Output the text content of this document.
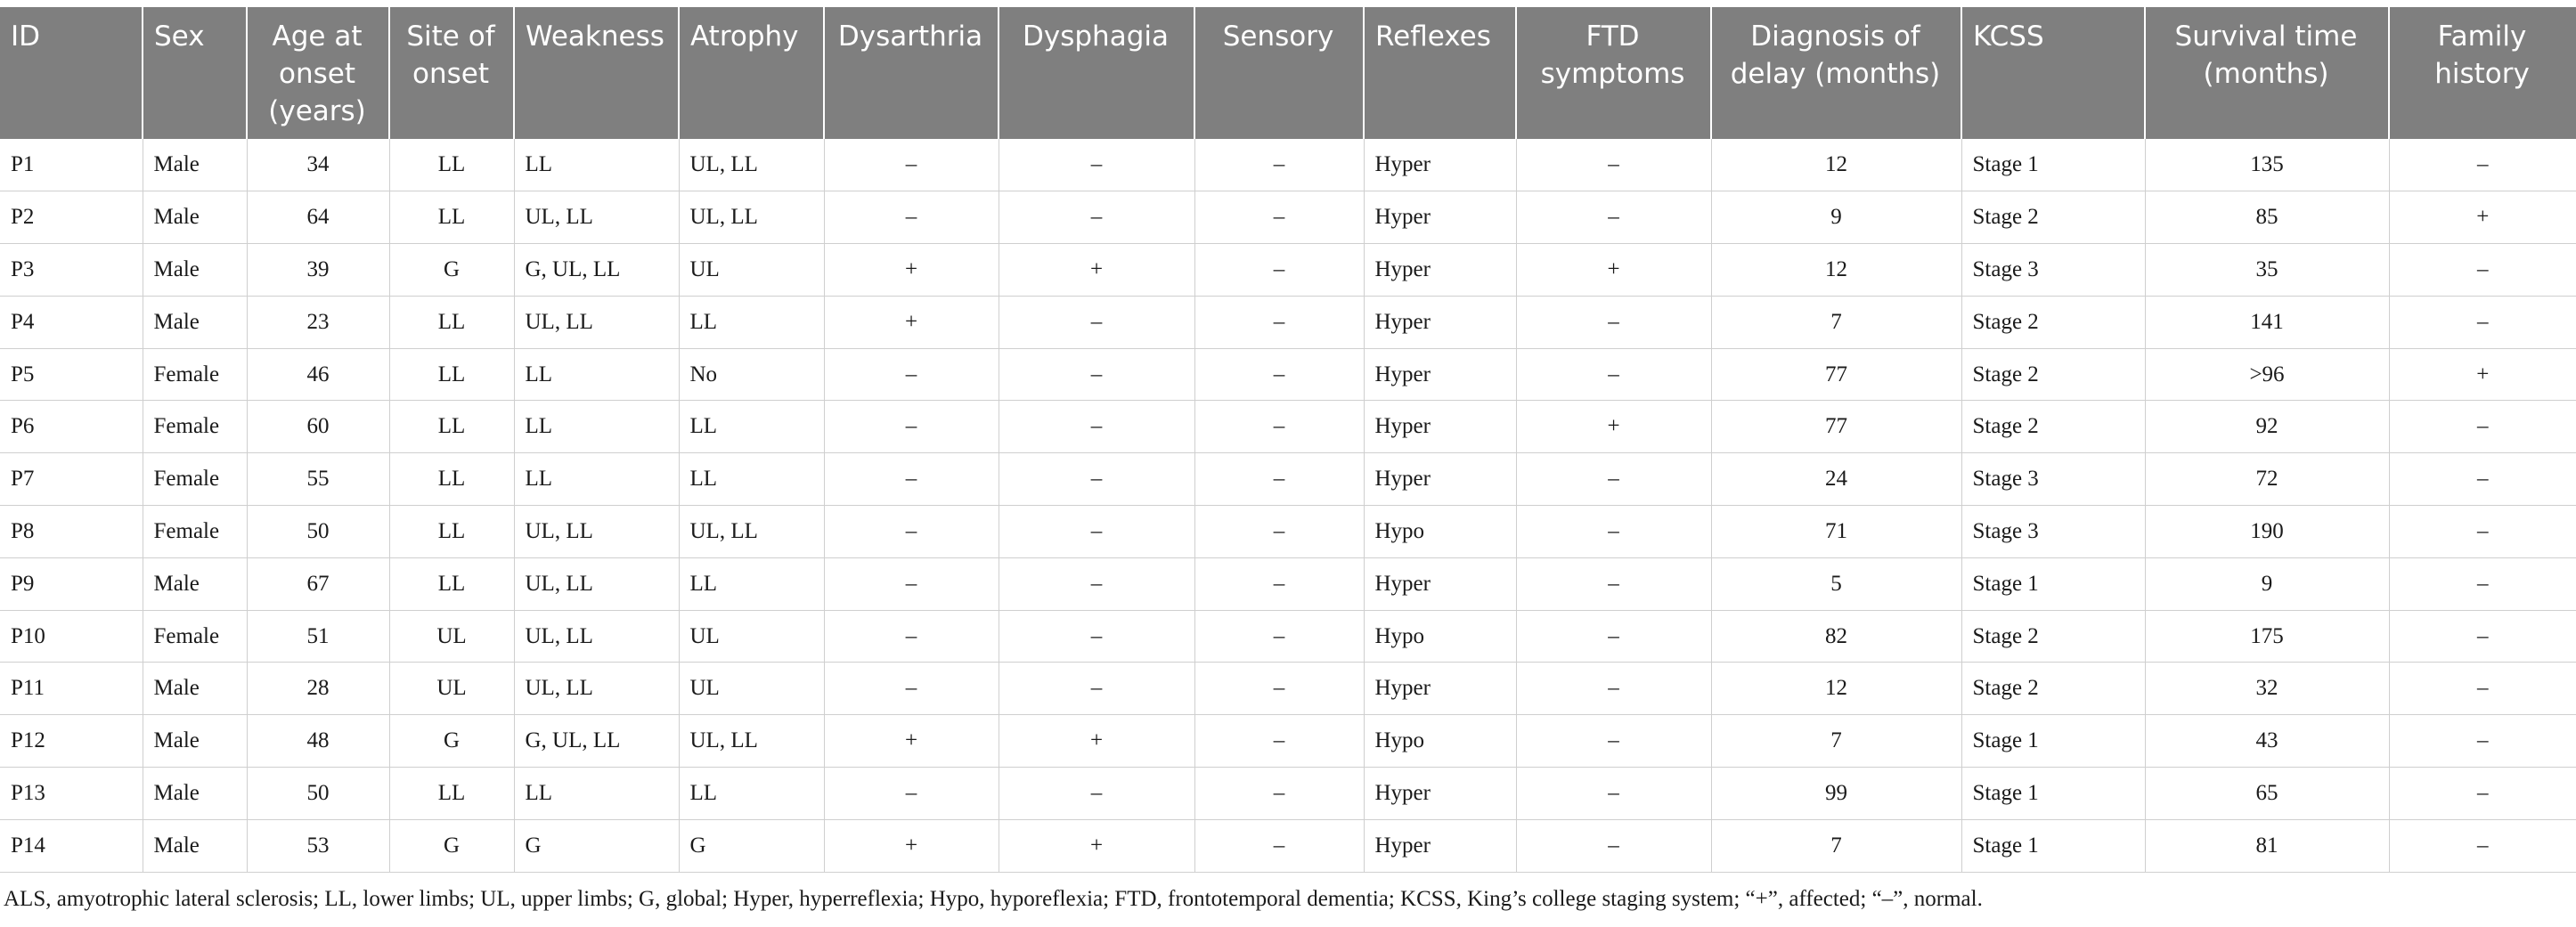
ID	Sex	Age at onset (years)	Site of onset	Weakness	Atrophy	Dysarthria	Dysphagia	Sensory	Reflexes	FTD symptoms	Diagnosis of delay (months)	KCSS	Survival time (months)	Family history
P1	Male	34	LL	LL	UL, LL	–	–	–	Hyper	–	12	Stage 1	135	–
P2	Male	64	LL	UL, LL	UL, LL	–	–	–	Hyper	–	9	Stage 2	85	+
P3	Male	39	G	G, UL, LL	UL	+	+	–	Hyper	+	12	Stage 3	35	–
P4	Male	23	LL	UL, LL	LL	+	–	–	Hyper	–	7	Stage 2	141	–
P5	Female	46	LL	LL	No	–	–	–	Hyper	–	77	Stage 2	>96	+
P6	Female	60	LL	LL	LL	–	–	–	Hyper	+	77	Stage 2	92	–
P7	Female	55	LL	LL	LL	–	–	–	Hyper	–	24	Stage 3	72	–
P8	Female	50	LL	UL, LL	UL, LL	–	–	–	Hypo	–	71	Stage 3	190	–
P9	Male	67	LL	UL, LL	LL	–	–	–	Hyper	–	5	Stage 1	9	–
P10	Female	51	UL	UL, LL	UL	–	–	–	Hypo	–	82	Stage 2	175	–
P11	Male	28	UL	UL, LL	UL	–	–	–	Hyper	–	12	Stage 2	32	–
P12	Male	48	G	G, UL, LL	UL, LL	+	+	–	Hypo	–	7	Stage 1	43	–
P13	Male	50	LL	LL	LL	–	–	–	Hyper	–	99	Stage 1	65	–
P14	Male	53	G	G	G	+	+	–	Hyper	–	7	Stage 1	81	–
ALS, amyotrophic lateral sclerosis; LL, lower limbs; UL, upper limbs; G, global; Hyper, hyperreflexia; Hypo, hyporeflexia; FTD, frontotemporal dementia; KCSS, King’s college staging system; “+”, affected; “–”, normal.
